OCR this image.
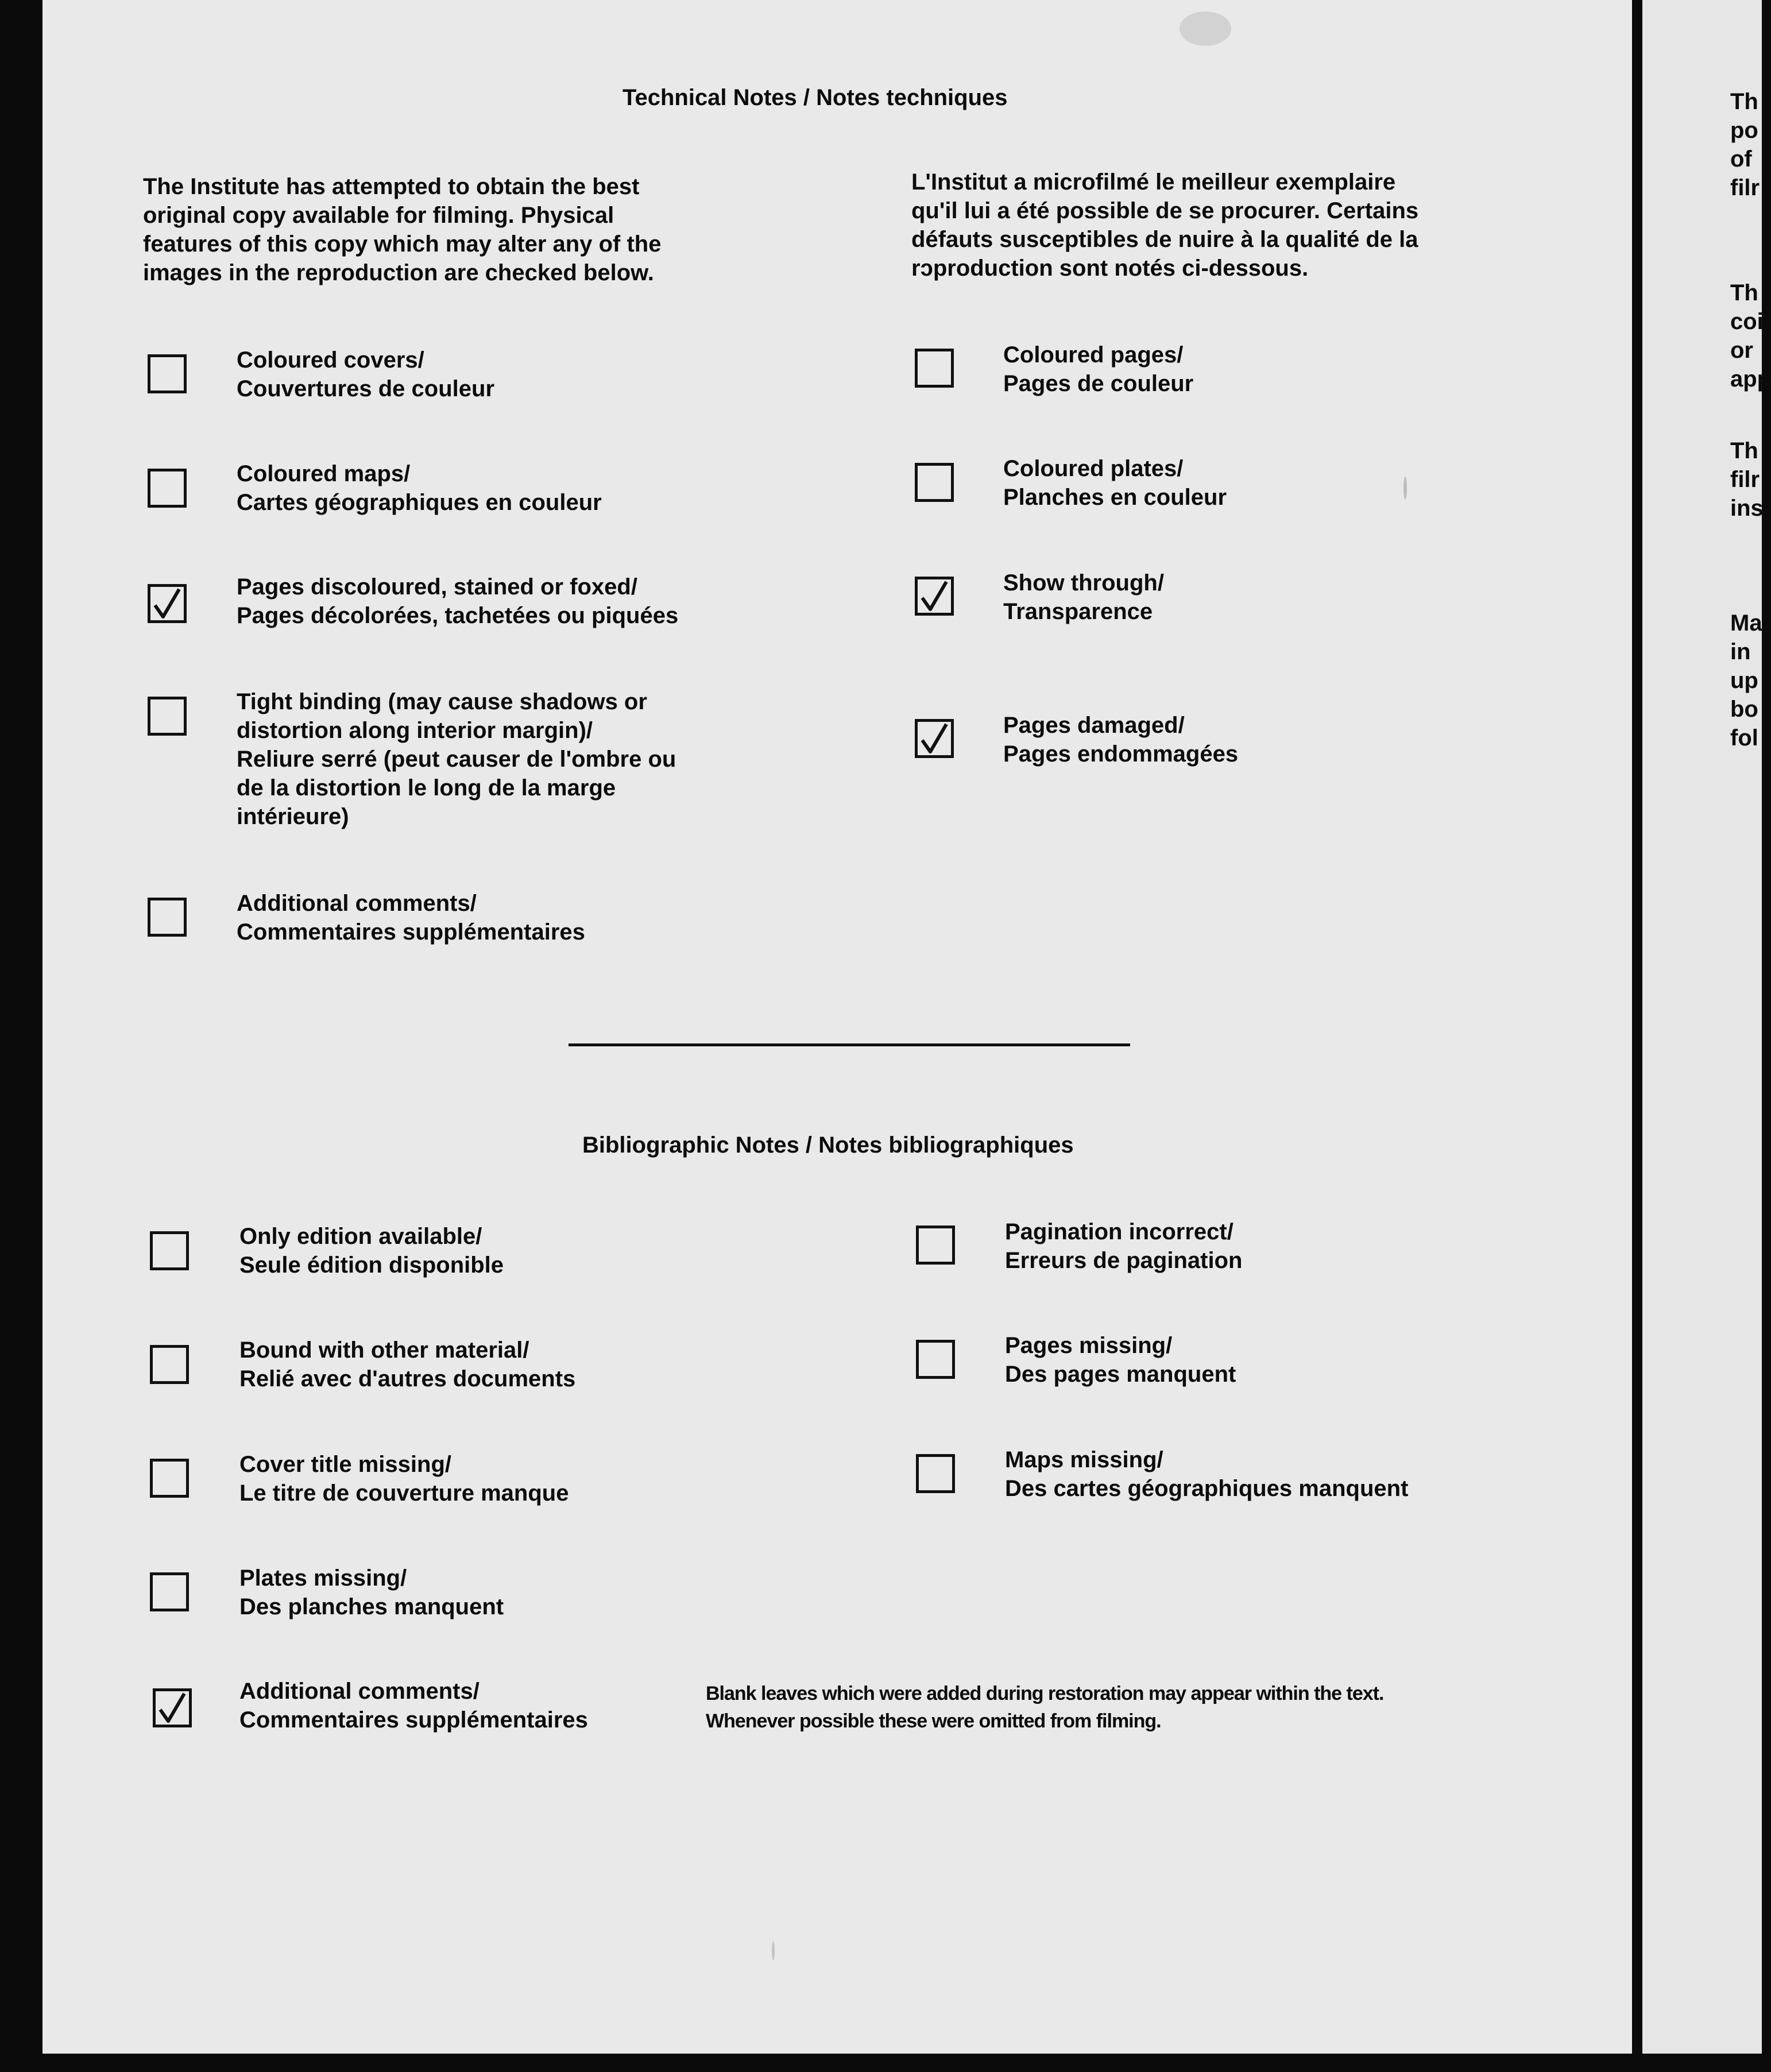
Technical Notes / Notes techniques
The Institute has attempted to obtain the best
original copy available for filming. Physical
features of this copy which may alter any of the
images in the reproduction are checked below.
L'Institut a microfilmé le meilleur exemplaire
qu'il lui a été possible de se procurer. Certains
défauts susceptibles de nuire à la qualité de la
rɔproduction sont notés ci-dessous.
Coloured covers/
Couvertures de couleur
Coloured maps/
Cartes géographiques en couleur
Pages discoloured, stained or foxed/
Pages décolorées, tachetées ou piquées
Tight binding (may cause shadows or
distortion along interior margin)/
Reliure serré (peut causer de l'ombre ou
de la distortion le long de la marge
intérieure)
Additional comments/
Commentaires supplémentaires
Coloured pages/
Pages de couleur
Coloured plates/
Planches en couleur
Show through/
Transparence
Pages damaged/
Pages endommagées
Bibliographic Notes / Notes bibliographiques
Only edition available/
Seule édition disponible
Bound with other material/
Relié avec d'autres documents
Cover title missing/
Le titre de couverture manque
Plates missing/
Des planches manquent
Additional comments/
Commentaires supplémentaires
Blank leaves which were added during restoration may appear within the text.
Whenever possible these were omitted from filming.
Pagination incorrect/
Erreurs de pagination
Pages missing/
Des pages manquent
Maps missing/
Des cartes géographiques manquent
Th
po
of
filr
Th
coi
or
app
Th
filr
ins
Ma
in
up
bo
fol
